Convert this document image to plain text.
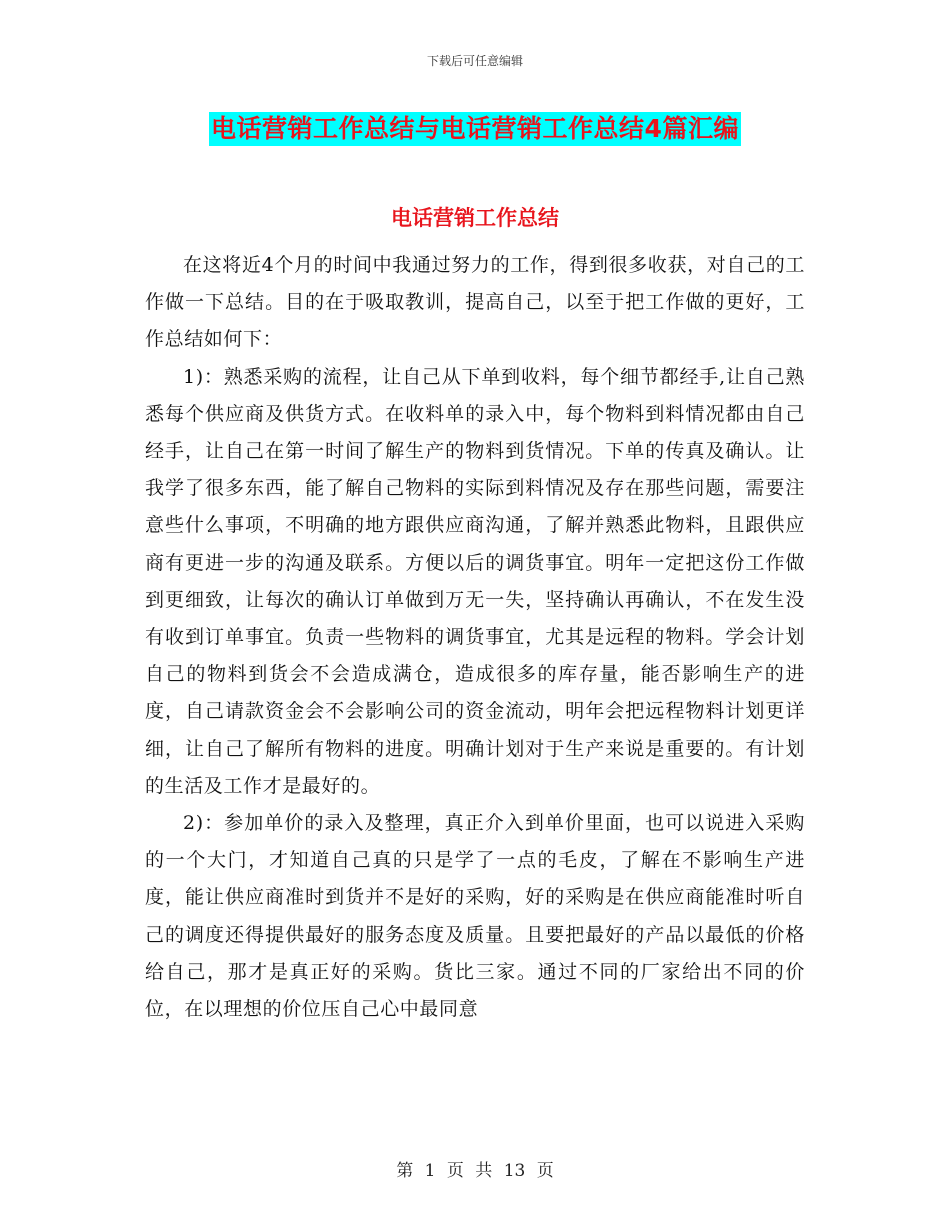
下载后可任意编辑
电话营销工作总结与电话营销工作总结4篇汇编
电话营销工作总结

在这将近4个月的时间中我通过努力的工作，得到很多收获，对自己的工作做一下总结。目的在于吸取教训，提高自己，以至于把工作做的更好，工作总结如何下：

1)：熟悉采购的流程，让自己从下单到收料，每个细节都经手,让自己熟悉每个供应商及供货方式。在收料单的录入中，每个物料到料情况都由自己经手，让自己在第一时间了解生产的物料到货情况。下单的传真及确认。让我学了很多东西，能了解自己物料的实际到料情况及存在那些问题，需要注意些什么事项，不明确的地方跟供应商沟通，了解并熟悉此物料，且跟供应商有更进一步的沟通及联系。方便以后的调货事宜。明年一定把这份工作做到更细致，让每次的确认订单做到万无一失，坚持确认再确认，不在发生没有收到订单事宜。负责一些物料的调货事宜，尤其是远程的物料。学会计划自己的物料到货会不会造成满仓，造成很多的库存量，能否影响生产的进度，自己请款资金会不会影响公司的资金流动，明年会把远程物料计划更详细，让自己了解所有物料的进度。明确计划对于生产来说是重要的。有计划的生活及工作才是最好的。

2)：参加单价的录入及整理，真正介入到单价里面，也可以说进入采购的一个大门，才知道自己真的只是学了一点的毛皮，了解在不影响生产进度，能让供应商准时到货并不是好的采购，好的采购是在供应商能准时听自己的调度还得提供最好的服务态度及质量。且要把最好的产品以最低的价格给自己，那才是真正好的采购。货比三家。通过不同的厂家给出不同的价位，在以理想的价位压自己心中最同意

第 1 页 共 13 页
